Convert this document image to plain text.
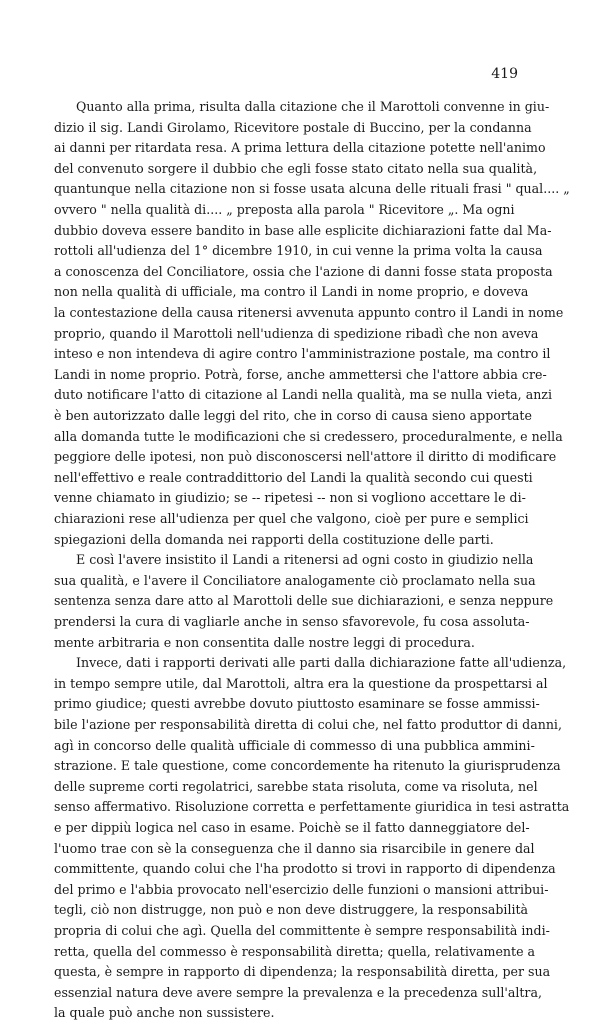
419
Quanto alla prima, risulta dalla citazione che il Marottoli convenne in giu-
dizio il sig. Landi Girolamo, Ricevitore postale di Buccino, per la condanna
ai danni per ritardata resa. A prima lettura della citazione potette nell'animo
del convenuto sorgere il dubbio che egli fosse stato citato nella sua qualità,
quantunque nella citazione non si fosse usata alcuna delle rituali frasi " qual.... „
ovvero " nella qualità di.... „ preposta alla parola " Ricevitore „. Ma ogni
dubbio doveva essere bandito in base alle esplicite dichiarazioni fatte dal Ma-
rottoli all'udienza del 1° dicembre 1910, in cui venne la prima volta la causa
a conoscenza del Conciliatore, ossia che l'azione di danni fosse stata proposta
non nella qualità di ufficiale, ma contro il Landi in nome proprio, e doveva
la contestazione della causa ritenersi avvenuta appunto contro il Landi in nome
proprio, quando il Marottoli nell'udienza di spedizione ribadì che non aveva
inteso e non intendeva di agire contro l'amministrazione postale, ma contro il
Landi in nome proprio. Potrà, forse, anche ammettersi che l'attore abbia cre-
duto notificare l'atto di citazione al Landi nella qualità, ma se nulla vieta, anzi
è ben autorizzato dalle leggi del rito, che in corso di causa sieno apportate
alla domanda tutte le modificazioni che si credessero, proceduralmente, e nella
peggiore delle ipotesi, non può disconoscersi nell'attore il diritto di modificare
nell'effettivo e reale contraddittorio del Landi la qualità secondo cui questi
venne chiamato in giudizio; se -- ripetesi -- non si vogliono accettare le di-
chiarazioni rese all'udienza per quel che valgono, cioè per pure e semplici
spiegazioni della domanda nei rapporti della costituzione delle parti.
E così l'avere insistito il Landi a ritenersi ad ogni costo in giudizio nella
sua qualità, e l'avere il Conciliatore analogamente ciò proclamato nella sua
sentenza senza dare atto al Marottoli delle sue dichiarazioni, e senza neppure
prendersi la cura di vagliarle anche in senso sfavorevole, fu cosa assoluta-
mente arbitraria e non consentita dalle nostre leggi di procedura.
Invece, dati i rapporti derivati alle parti dalla dichiarazione fatte all'udienza,
in tempo sempre utile, dal Marottoli, altra era la questione da prospettarsi al
primo giudice; questi avrebbe dovuto piuttosto esaminare se fosse ammissi-
bile l'azione per responsabilità diretta di colui che, nel fatto produttor di danni,
agì in concorso delle qualità ufficiale di commesso di una pubblica ammini-
strazione. E tale questione, come concordemente ha ritenuto la giurisprudenza
delle supreme corti regolatrici, sarebbe stata risoluta, come va risoluta, nel
senso affermativo. Risoluzione corretta e perfettamente giuridica in tesi astratta
e per dippiù logica nel caso in esame. Poichè se il fatto danneggiatore del-
l'uomo trae con sè la conseguenza che il danno sia risarcibile in genere dal
committente, quando colui che l'ha prodotto si trovi in rapporto di dipendenza
del primo e l'abbia provocato nell'esercizio delle funzioni o mansioni attribui-
tegli, ciò non distrugge, non può e non deve distruggere, la responsabilità
propria di colui che agì. Quella del committente è sempre responsabilità indi-
retta, quella del commesso è responsabilità diretta; quella, relativamente a
questa, è sempre in rapporto di dipendenza; la responsabilità diretta, per sua
essenzial natura deve avere sempre la prevalenza e la precedenza sull'altra,
la quale può anche non sussistere.
